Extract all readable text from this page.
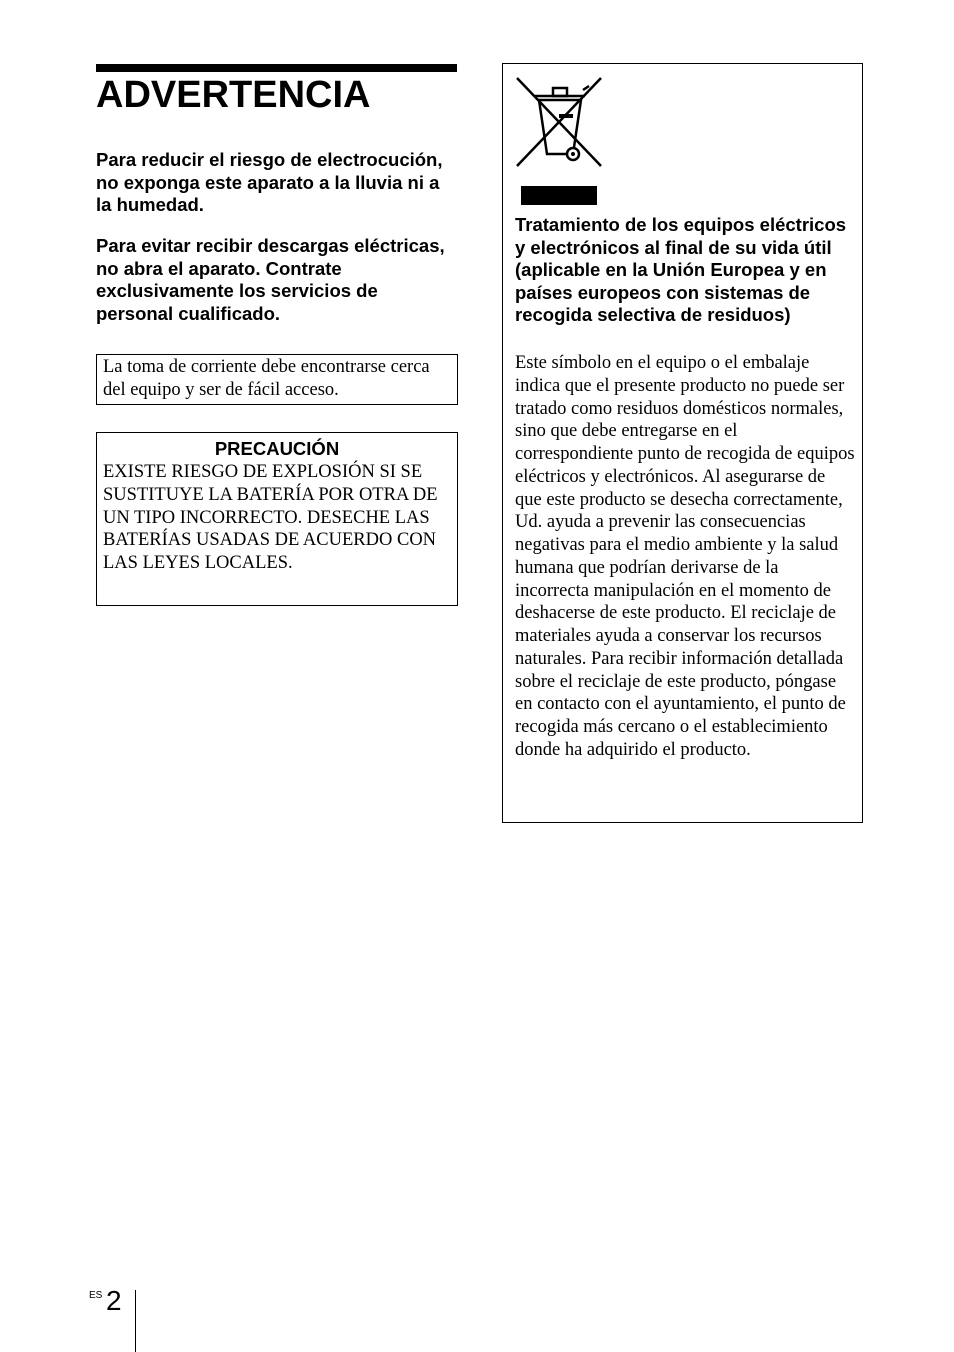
ADVERTENCIA

Para reducir el riesgo de electrocución, no exponga este aparato a la lluvia ni a la humedad.

Para evitar recibir descargas eléctricas, no abra el aparato. Contrate exclusivamente los servicios de personal cualificado.

La toma de corriente debe encontrarse cerca del equipo y ser de fácil acceso.
PRECAUCIÓN
EXISTE RIESGO DE EXPLOSIÓN SI SE SUSTITUYE LA BATERÍA POR OTRA DE UN TIPO INCORRECTO. DESECHE LAS BATERÍAS USADAS DE ACUERDO CON LAS LEYES LOCALES.
Tratamiento de los equipos eléctricos y electrónicos al final de su vida útil (aplicable en la Unión Europea y en países europeos con sistemas de recogida selectiva de residuos)

Este símbolo en el equipo o el embalaje indica que el presente producto no puede ser tratado como residuos domésticos normales, sino que debe entregarse en el correspondiente punto de recogida de equipos eléctricos y electrónicos. Al asegurarse de que este producto se desecha correctamente, Ud. ayuda a prevenir las consecuencias negativas para el medio ambiente y la salud humana que podrían derivarse de la incorrecta manipulación en el momento de deshacerse de este producto. El reciclaje de materiales ayuda a conservar los recursos naturales. Para recibir información detallada sobre el reciclaje de este producto, póngase en contacto con el ayuntamiento, el punto de recogida más cercano o el establecimiento donde ha adquirido el producto.

ES 2
